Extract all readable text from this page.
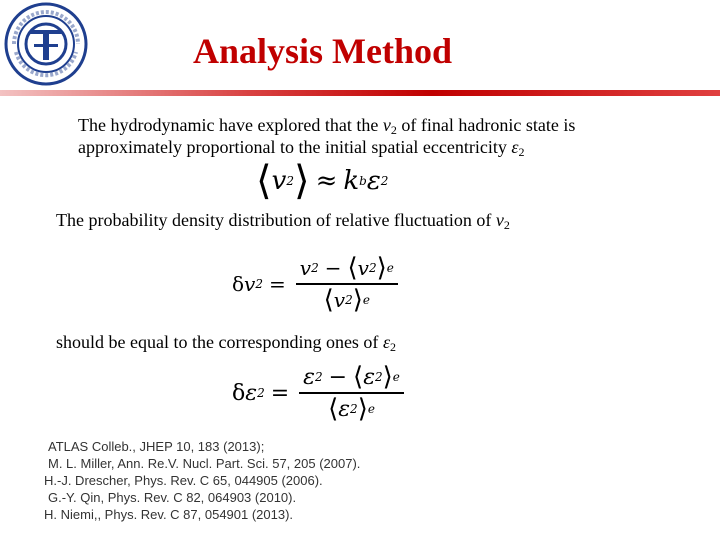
Analysis Method
The hydrodynamic have explored that the $v_2$ of final hadronic state is
approximately proportional to the initial spatial eccentricity $\varepsilon_2$
⟨ v 2 ⟩ ≈ k b ε 2
The probability density distribution of relative fluctuation of $v_2$
δ v $2 = \frac{v 2 - ⟨ v 2 ⟩ e}{⟨ v 2 ⟩ e}$
should be equal to the corresponding ones of $\varepsilon_2$
δ ε $2 = \frac{\varepsilon 2 - ⟨ \varepsilon 2 ⟩ e}{⟨ \varepsilon 2 ⟩ e}$
ATLAS Colleb., JHEP 10, 183 (2013);
M. L. Miller, Ann. Re.V. Nucl. Part. Sci. 57, 205 (2007).
H.-J. Drescher, Phys. Rev. C 65, 044905 (2006).
G.-Y. Qin, Phys. Rev. C 82, 064903 (2010).
H. Niemi,, Phys. Rev. C 87, 054901 (2013).
